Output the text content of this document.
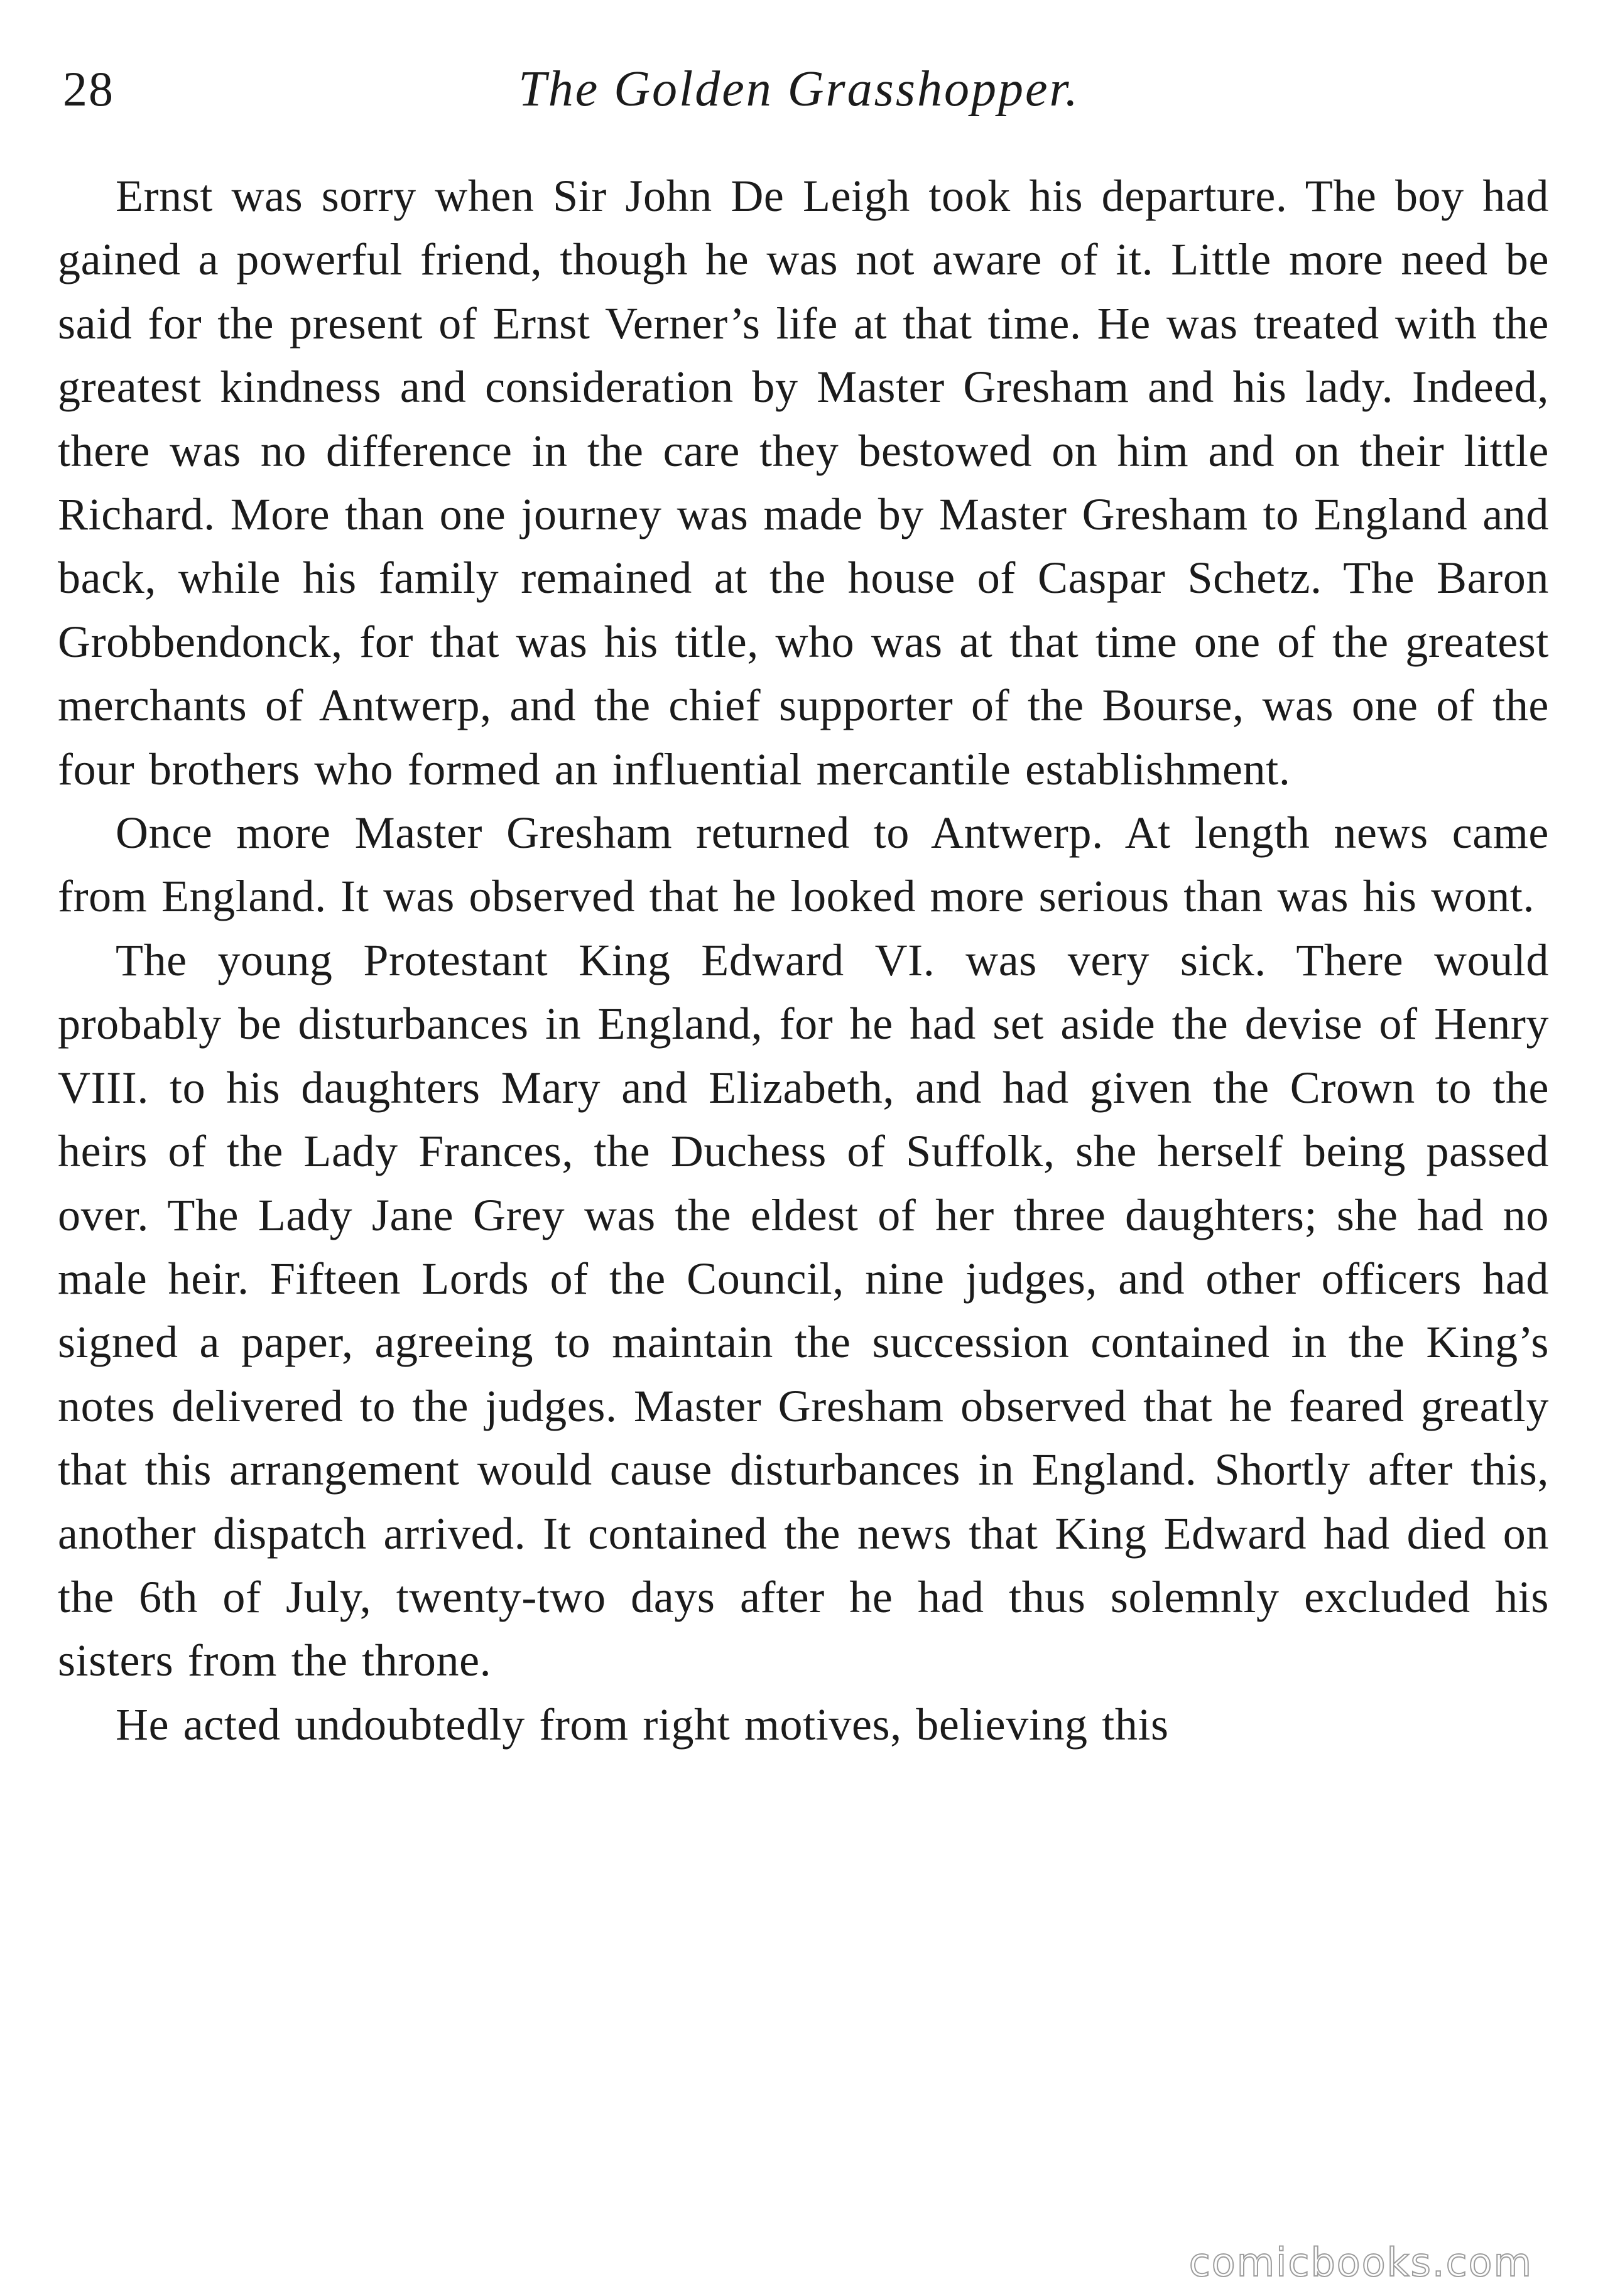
28	The Golden Grasshopper.

Ernst was sorry when Sir John De Leigh took his departure. The boy had gained a powerful friend, though he was not aware of it. Little more need be said for the present of Ernst Verner’s life at that time. He was treated with the greatest kindness and consideration by Master Gresham and his lady. Indeed, there was no difference in the care they bestowed on him and on their little Richard. More than one journey was made by Master Gresham to England and back, while his family remained at the house of Caspar Schetz. The Baron Grobbendonck, for that was his title, who was at that time one of the greatest merchants of Antwerp, and the chief supporter of the Bourse, was one of the four brothers who formed an influential mercantile establishment.

Once more Master Gresham returned to Antwerp. At length news came from England. It was observed that he looked more serious than was his wont.

The young Protestant King Edward VI. was very sick. There would probably be disturbances in England, for he had set aside the devise of Henry VIII. to his daughters Mary and Elizabeth, and had given the Crown to the heirs of the Lady Frances, the Duchess of Suffolk, she herself being passed over. The Lady Jane Grey was the eldest of her three daughters; she had no male heir. Fifteen Lords of the Council, nine judges, and other officers had signed a paper, agreeing to maintain the succession contained in the King’s notes delivered to the judges. Master Gresham observed that he feared greatly that this arrangement would cause disturbances in England. Shortly after this, another dispatch arrived. It contained the news that King Edward had died on the 6th of July, twenty-two days after he had thus solemnly excluded his sisters from the throne.

He acted undoubtedly from right motives, believing this

comicbooks.com
